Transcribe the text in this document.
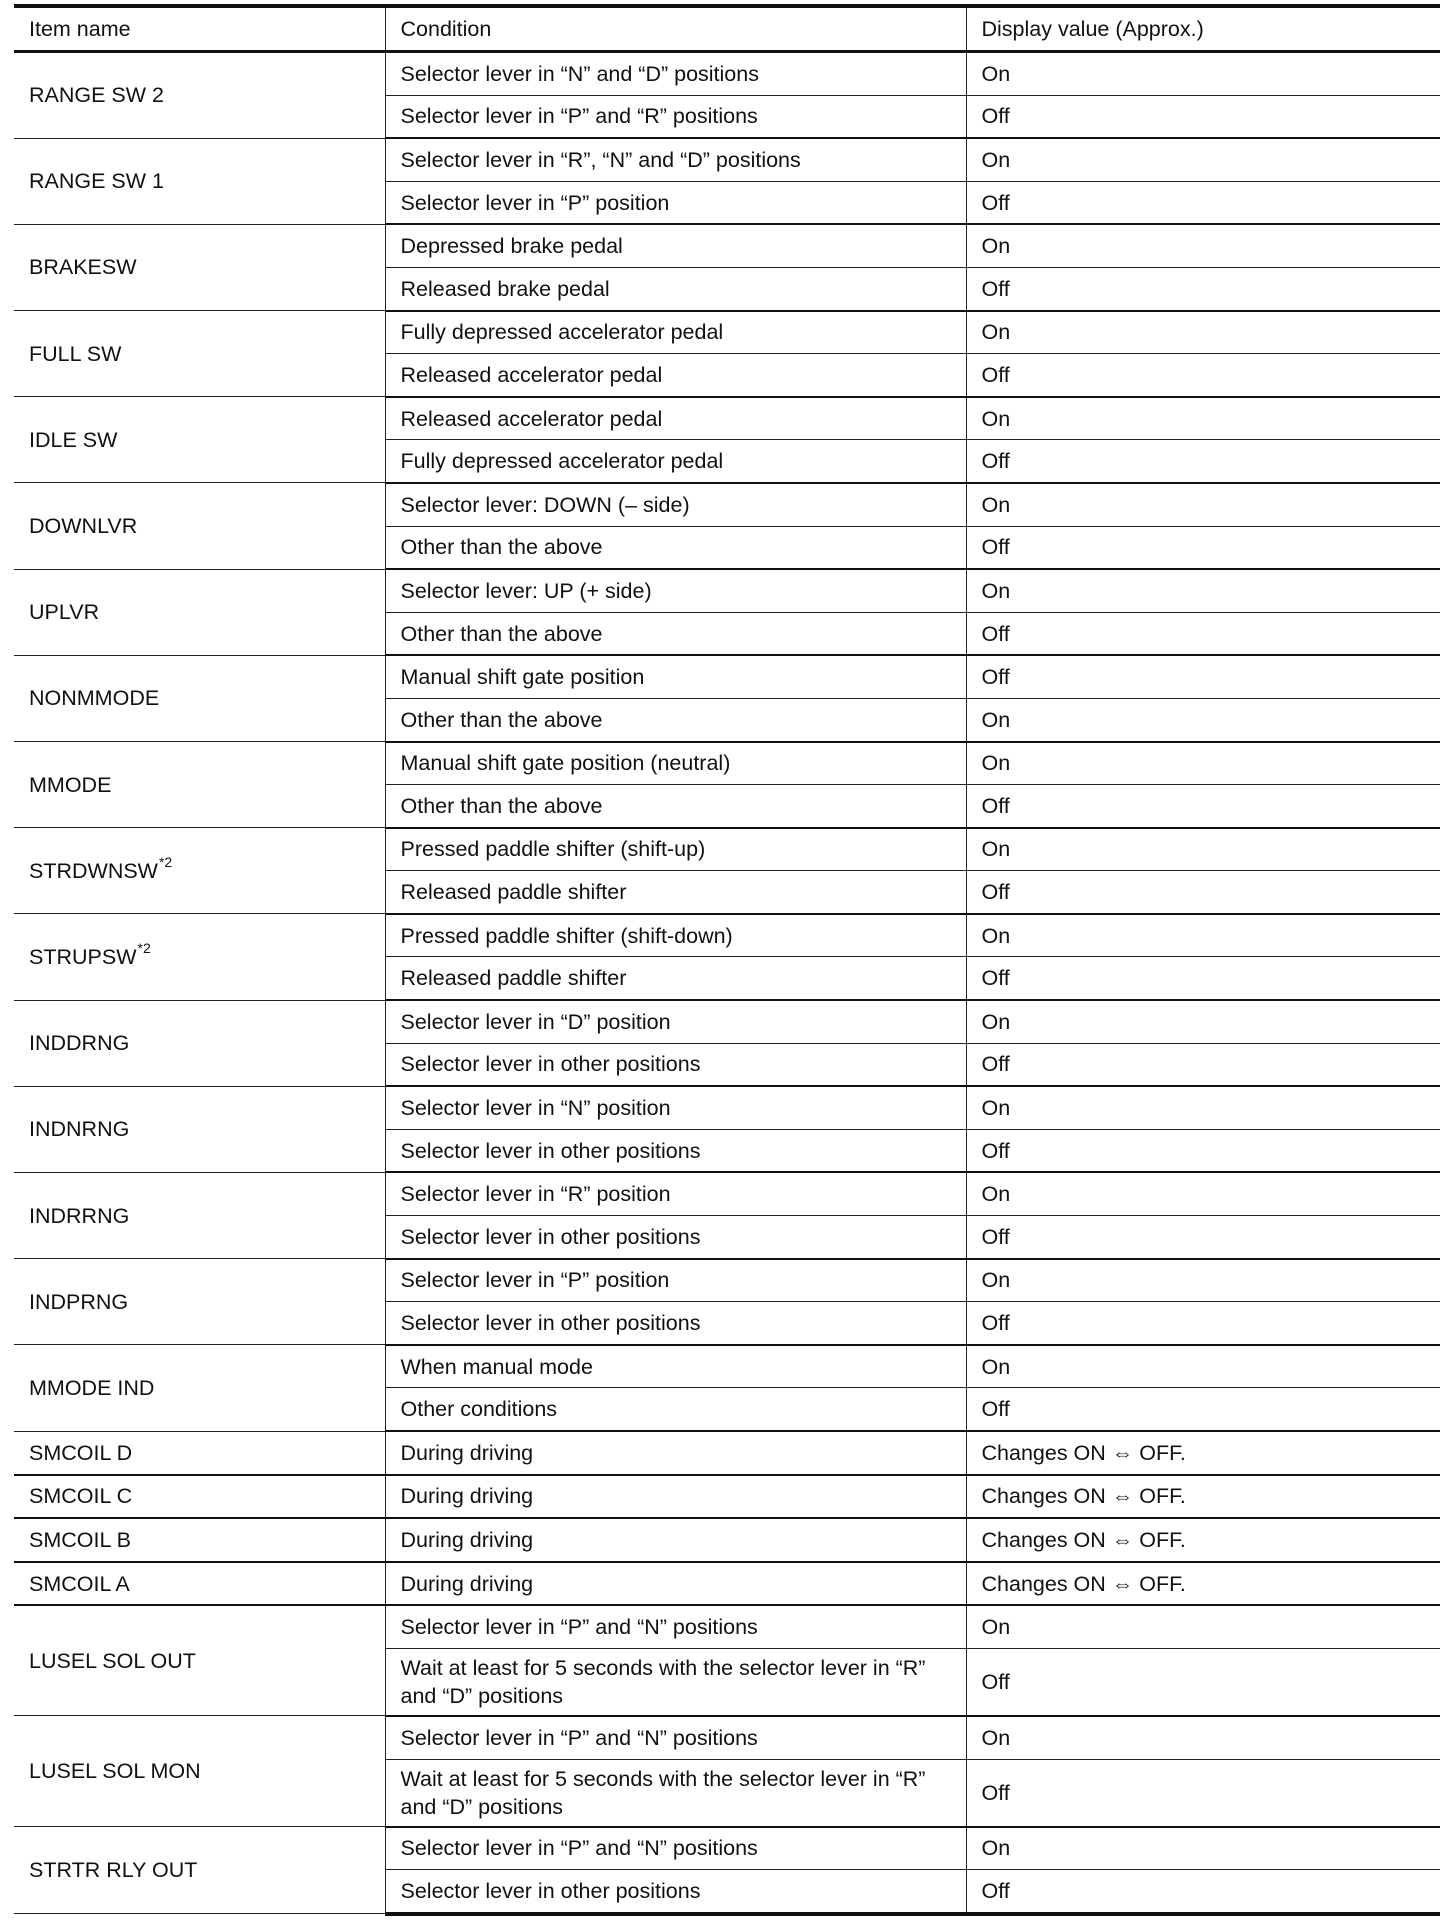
Item name	Condition	Display value (Approx.)
RANGE SW 2	Selector lever in “N” and “D” positions	On
	Selector lever in “P” and “R” positions	Off
RANGE SW 1	Selector lever in “R”, “N” and “D” positions	On
	Selector lever in “P” position	Off
BRAKESW	Depressed brake pedal	On
	Released brake pedal	Off
FULL SW	Fully depressed accelerator pedal	On
	Released accelerator pedal	Off
IDLE SW	Released accelerator pedal	On
	Fully depressed accelerator pedal	Off
DOWNLVR	Selector lever: DOWN (– side)	On
	Other than the above	Off
UPLVR	Selector lever: UP (+ side)	On
	Other than the above	Off
NONMMODE	Manual shift gate position	Off
	Other than the above	On
MMODE	Manual shift gate position (neutral)	On
	Other than the above	Off
STRDWNSW$^{*2}$	Pressed paddle shifter (shift-up)	On
	Released paddle shifter	Off
STRUPSW$^{*2}$	Pressed paddle shifter (shift-down)	On
	Released paddle shifter	Off
INDDRNG	Selector lever in “D” position	On
	Selector lever in other positions	Off
INDNRNG	Selector lever in “N” position	On
	Selector lever in other positions	Off
INDRRNG	Selector lever in “R” position	On
	Selector lever in other positions	Off
INDPRNG	Selector lever in “P” position	On
	Selector lever in other positions	Off
MMODE IND	When manual mode	On
	Other conditions	Off
SMCOIL D	During driving	Changes ON ⇔ OFF.
SMCOIL C	During driving	Changes ON ⇔ OFF.
SMCOIL B	During driving	Changes ON ⇔ OFF.
SMCOIL A	During driving	Changes ON ⇔ OFF.
LUSEL SOL OUT	Selector lever in “P” and “N” positions	On
	Wait at least for 5 seconds with the selector lever in “R” and “D” positions	Off
LUSEL SOL MON	Selector lever in “P” and “N” positions	On
	Wait at least for 5 seconds with the selector lever in “R” and “D” positions	Off
STRTR RLY OUT	Selector lever in “P” and “N” positions	On
	Selector lever in other positions	Off
